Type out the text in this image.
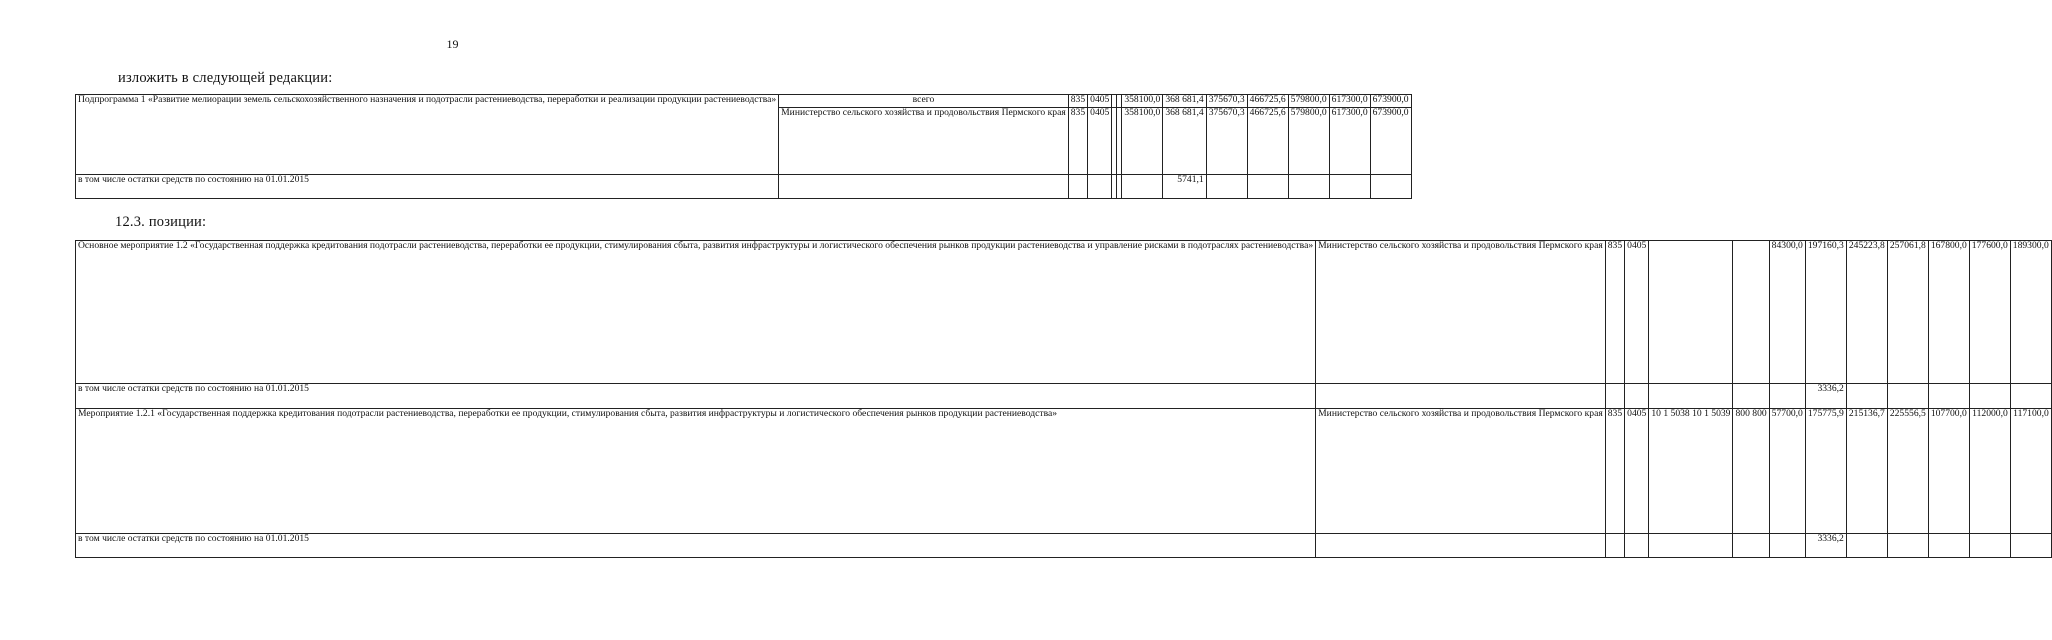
19
изложить в следующей редакции:
12.3. позиции:
Подпрограмма 1 «Развитие мелиорации земель сельскохозяйственного назначения и подотрасли растениеводства, переработки и реализации продукции растениеводства»	всего	835	0405			358100,0	368 681,4	375670,3	466725,6	579800,0	617300,0	673900,0
	Министерство сельского хозяйства и продовольствия Пермского края	835	0405			358100,0	368 681,4	375670,3	466725,6	579800,0	617300,0	673900,0
в том числе остатки средств по состоянию на 01.01.2015							5741,1					
Основное мероприятие 1.2 «Государственная поддержка кредитования подотрасли растениеводства, переработки ее продукции, стимулирования сбыта, развития инфраструктуры и логистического обеспечения рынков продукции растениеводства и управление рисками в подотраслях растениеводства»	Министерство сельского хозяйства и продовольствия Пермского края	835	0405			84300,0	197160,3	245223,8	257061,8	167800,0	177600,0	189300,0
в том числе остатки средств по состоянию на 01.01.2015							3336,2					
Мероприятие 1.2.1 «Государственная поддержка кредитования подотрасли растениеводства, переработки ее продукции, стимулирования сбыта, развития инфраструктуры и логистического обеспечения рынков продукции растениеводства»	Министерство сельского хозяйства и продовольствия Пермского края	835	0405	10 1 5038 10 1 5039	800 800	57700,0	175775,9	215136,7	225556,5	107700,0	112000,0	117100,0
в том числе остатки средств по состоянию на 01.01.2015							3336,2					
